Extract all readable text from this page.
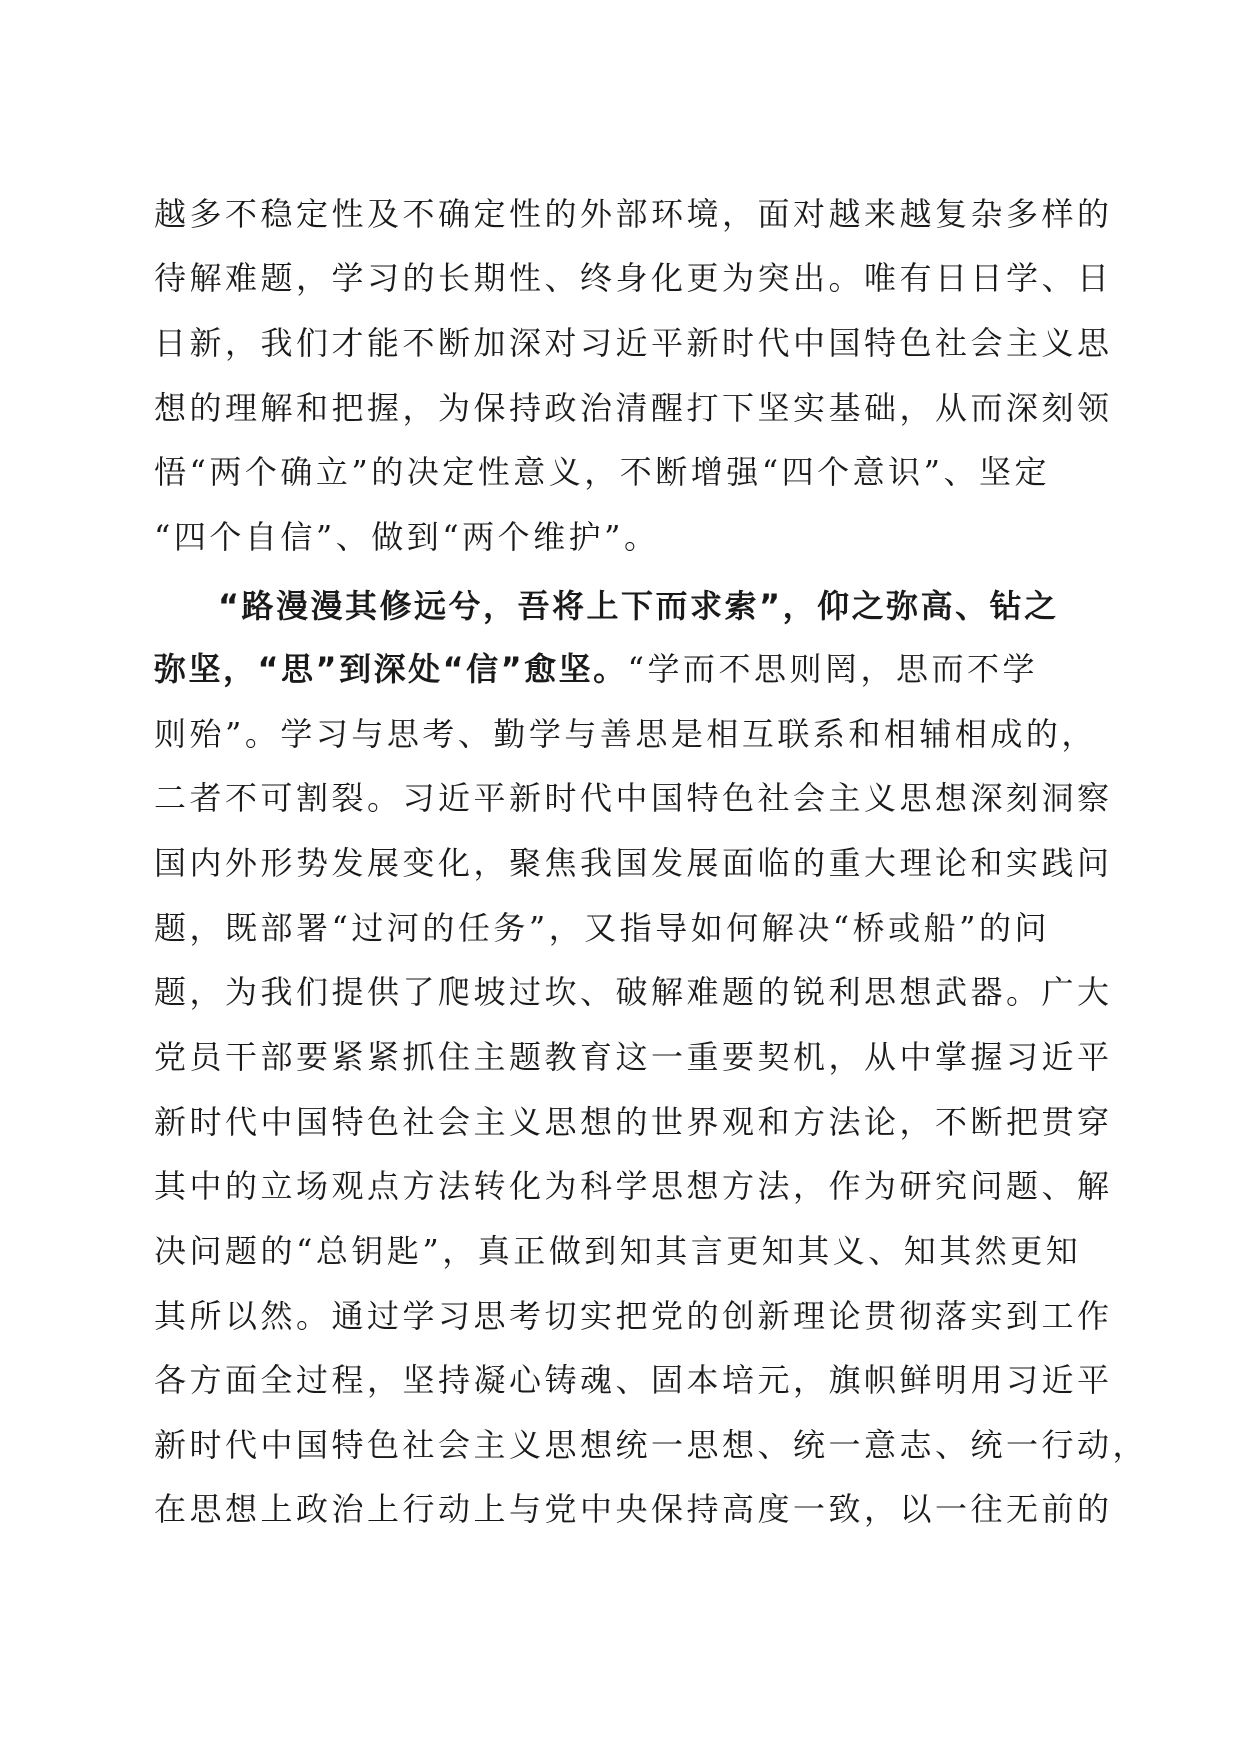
越多不稳定性及不确定性的外部环境，面对越来越复杂多样的
待解难题，学习的长期性、终身化更为突出。唯有日日学、日
日新，我们才能不断加深对习近平新时代中国特色社会主义思
想的理解和把握，为保持政治清醒打下坚实基础，从而深刻领
悟“两个确立”的决定性意义，不断增强“四个意识”、坚定
“四个自信”、做到“两个维护”。
“路漫漫其修远兮，吾将上下而求索”，仰之弥高、钻之
弥坚，“思”到深处“信”愈坚。“学而不思则罔，思而不学
则殆”。学习与思考、勤学与善思是相互联系和相辅相成的，
二者不可割裂。习近平新时代中国特色社会主义思想深刻洞察
国内外形势发展变化，聚焦我国发展面临的重大理论和实践问
题，既部署“过河的任务”，又指导如何解决“桥或船”的问
题，为我们提供了爬坡过坎、破解难题的锐利思想武器。广大
党员干部要紧紧抓住主题教育这一重要契机，从中掌握习近平
新时代中国特色社会主义思想的世界观和方法论，不断把贯穿
其中的立场观点方法转化为科学思想方法，作为研究问题、解
决问题的“总钥匙”，真正做到知其言更知其义、知其然更知
其所以然。通过学习思考切实把党的创新理论贯彻落实到工作
各方面全过程，坚持凝心铸魂、固本培元，旗帜鲜明用习近平
新时代中国特色社会主义思想统一思想、统一意志、统一行动，
在思想上政治上行动上与党中央保持高度一致，以一往无前的
